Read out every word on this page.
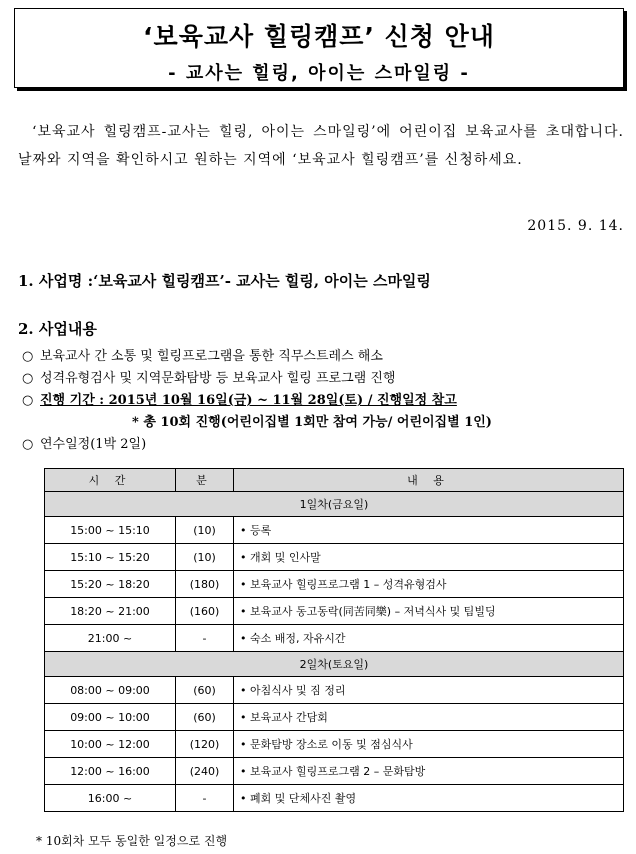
‘보육교사 힐링캠프’ 신청 안내
- 교사는 힐링, 아이는 스마일링 -

‘보육교사 힐링캠프-교사는 힐링, 아이는 스마일링’에 어린이집 보육교사를 초대합니다. 날짜와 지역을 확인하시고 원하는 지역에 ‘보육교사 힐링캠프’를 신청하세요.

2015. 9. 14.
1. 사업명 :‘보육교사 힐링캠프’- 교사는 힐링, 아이는 스마일링
2. 사업내용
○ 보육교사 간 소통 및 힐링프로그램을 통한 직무스트레스 해소
○ 성격유형검사 및 지역문화탐방 등 보육교사 힐링 프로그램 진행
○ 진행 기간 : 2015년 10월 16일(금) ~ 11월 28일(토) / 진행일정 참고
* 총 10회 진행(어린이집별 1회만 참여 가능/ 어린이집별 1인)
○ 연수일정(1박 2일)
시 간	분	내 용
1일차(금요일)		
15:00 ~ 15:10	(10)	• 등록
15:10 ~ 15:20	(10)	• 개회 및 인사말
15:20 ~ 18:20	(180)	• 보육교사 힐링프로그램 1 – 성격유형검사
18:20 ~ 21:00	(160)	• 보육교사 동고동락(同苦同樂) – 저녁식사 및 팀빌딩
21:00 ~	-	• 숙소 배정, 자유시간
2일차(토요일)		
08:00 ~ 09:00	(60)	• 아침식사 및 짐 정리
09:00 ~ 10:00	(60)	• 보육교사 간담회
10:00 ~ 12:00	(120)	• 문화탐방 장소로 이동 및 점심식사
12:00 ~ 16:00	(240)	• 보육교사 힐링프로그램 2 – 문화탐방
16:00 ~	-	• 폐회 및 단체사진 촬영
* 10회차 모두 동일한 일정으로 진행
